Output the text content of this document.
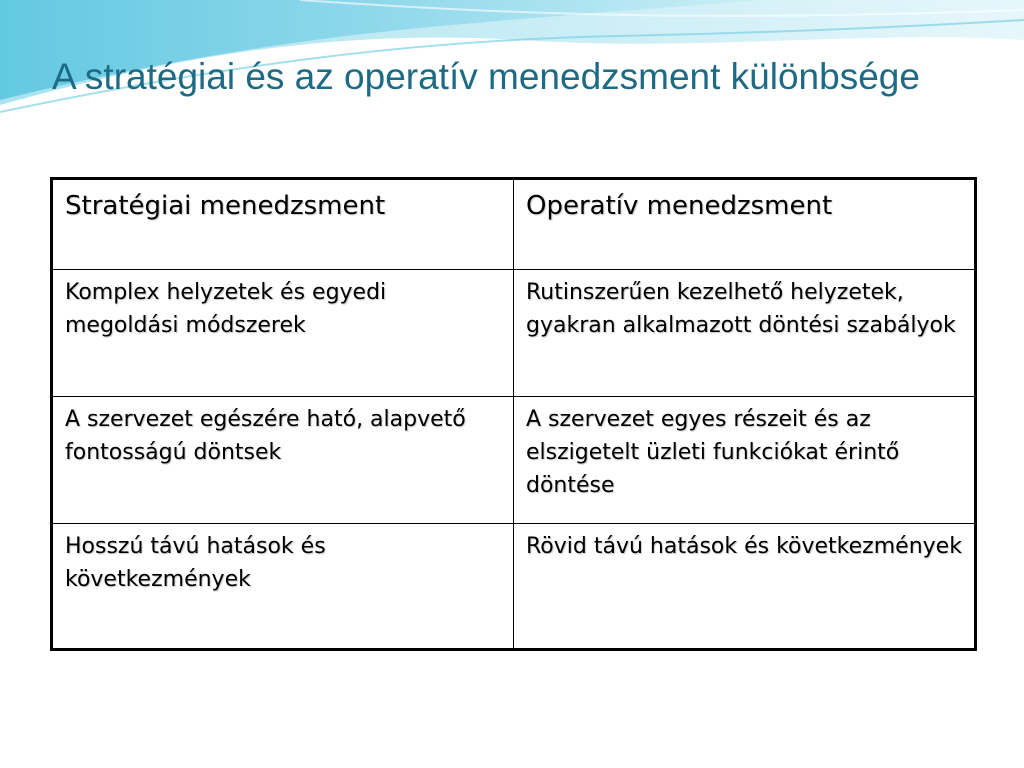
A stratégiai és az operatív menedzsment különbsége
Stratégiai menedzsment	Operatív menedzsment
Komplex helyzetek és egyedi megoldási módszerek	Rutinszerűen kezelhető helyzetek, gyakran alkalmazott döntési szabályok
A szervezet egészére ható, alapvető fontosságú döntsek	A szervezet egyes részeit és az elszigetelt üzleti funkciókat érintő döntése
Hosszú távú hatások és következmények	Rövid távú hatások és következmények
